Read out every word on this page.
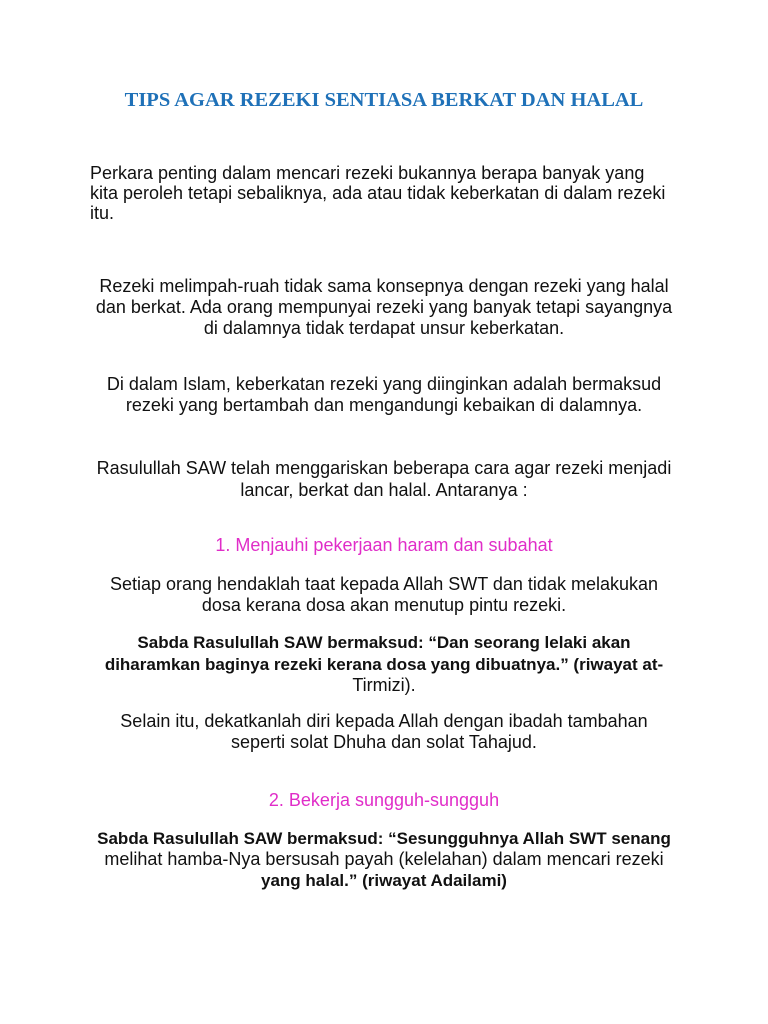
TIPS AGAR REZEKI SENTIASA BERKAT DAN HALAL
Perkara penting dalam mencari rezeki bukannya berapa banyak yang
kita peroleh tetapi sebaliknya, ada atau tidak keberkatan di dalam rezeki
itu.
Rezeki melimpah-ruah tidak sama konsepnya dengan rezeki yang halal
dan berkat. Ada orang mempunyai rezeki yang banyak tetapi sayangnya
di dalamnya tidak terdapat unsur keberkatan.
Di dalam Islam, keberkatan rezeki yang diinginkan adalah bermaksud
rezeki yang bertambah dan mengandungi kebaikan di dalamnya.
Rasulullah SAW telah menggariskan beberapa cara agar rezeki menjadi
lancar, berkat dan halal. Antaranya :
1. Menjauhi pekerjaan haram dan subahat
Setiap orang hendaklah taat kepada Allah SWT dan tidak melakukan
dosa kerana dosa akan menutup pintu rezeki.
Sabda Rasulullah SAW bermaksud: “Dan seorang lelaki akan
diharamkan baginya rezeki kerana dosa yang dibuatnya.” (riwayat at-
Tirmizi).
Selain itu, dekatkanlah diri kepada Allah dengan ibadah tambahan
seperti solat Dhuha dan solat Tahajud.
2. Bekerja sungguh-sungguh
Sabda Rasulullah SAW bermaksud: “Sesungguhnya Allah SWT senang
melihat hamba-Nya bersusah payah (kelelahan) dalam mencari rezeki
yang halal.” (riwayat Adailami)
